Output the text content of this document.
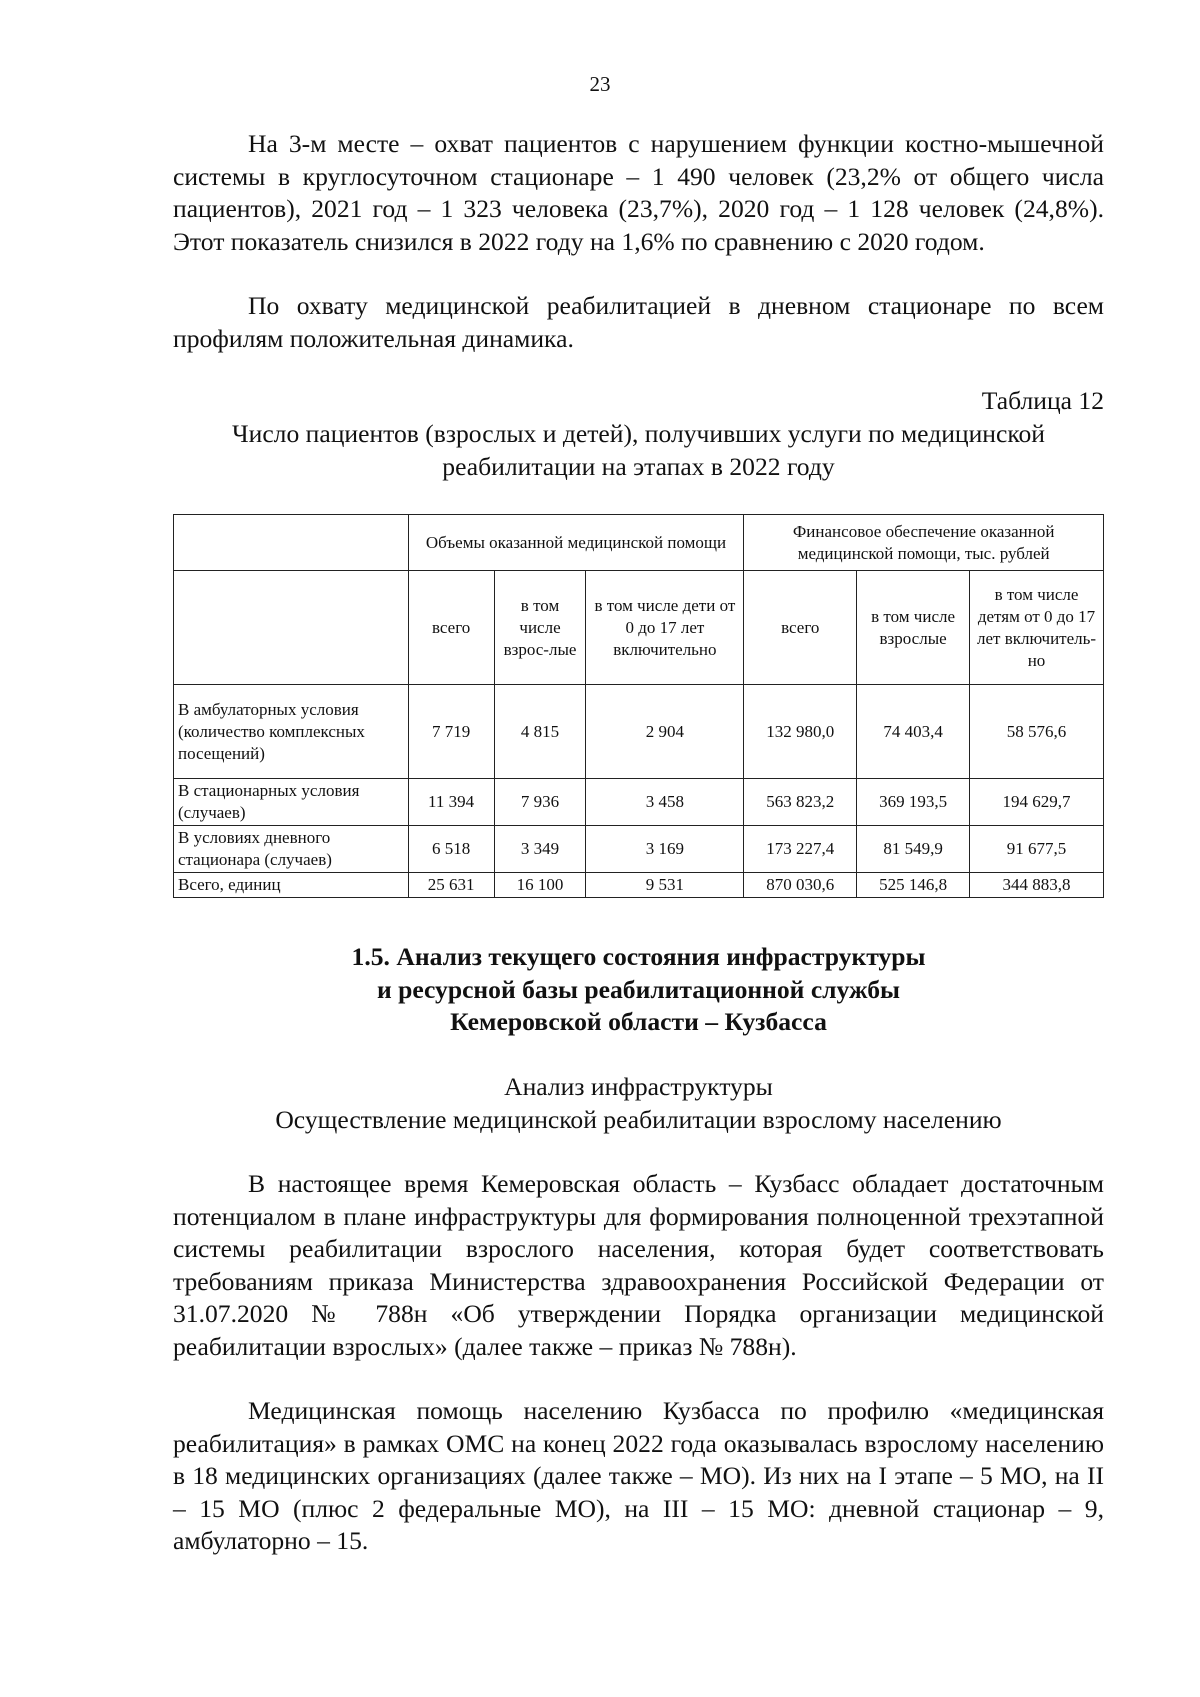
23

На 3-м месте – охват пациентов с нарушением функции костно-мышечной системы в круглосуточном стационаре – 1 490 человек (23,2% от общего числа пациентов), 2021 год – 1 323 человека (23,7%), 2020 год – 1 128 человек (24,8%). Этот показатель снизился в 2022 году на 1,6% по сравнению с 2020 годом.

По охвату медицинской реабилитацией в дневном стационаре по всем профилям положительная динамика.

Таблица 12

Число пациентов (взрослых и детей), получивших услуги по медицинской
реабилитации на этапах в 2022 году

	Объемы оказанной медицинской помощи			Финансовое обеспечение оказанной медицинской помощи, тыс. рублей		
	всего	в том числе взрос-лые	в том числе дети от 0 до 17 лет включительно	всего	в том числе взрослые	в том числе детям от 0 до 17 лет включитель-но
В амбулаторных условия (количество комплексных посещений)	7 719	4 815	2 904	132 980,0	74 403,4	58 576,6
В стационарных условия (случаев)	11 394	7 936	3 458	563 823,2	369 193,5	194 629,7
В условиях дневного стационара (случаев)	6 518	3 349	3 169	173 227,4	81 549,9	91 677,5
Всего, единиц	25 631	16 100	9 531	870 030,6	525 146,8	344 883,8

1.5. Анализ текущего состояния инфраструктуры
и ресурсной базы реабилитационной службы
Кемеровской области – Кузбасса

Анализ инфраструктуры
Осуществление медицинской реабилитации взрослому населению

В настоящее время Кемеровская область – Кузбасс обладает достаточным потенциалом в плане инфраструктуры для формирования полноценной трехэтапной системы реабилитации взрослого населения, которая будет соответствовать требованиям приказа Министерства здравоохранения Российской Федерации от 31.07.2020 № 788н «Об утверждении Порядка организации медицинской реабилитации взрослых» (далее также – приказ № 788н).

Медицинская помощь населению Кузбасса по профилю «медицинская реабилитация» в рамках ОМС на конец 2022 года оказывалась взрослому населению в 18 медицинских организациях (далее также – МО). Из них на I этапе – 5 МО, на II – 15 МО (плюс 2 федеральные МО), на III – 15 МО: дневной стационар – 9, амбулаторно – 15.
